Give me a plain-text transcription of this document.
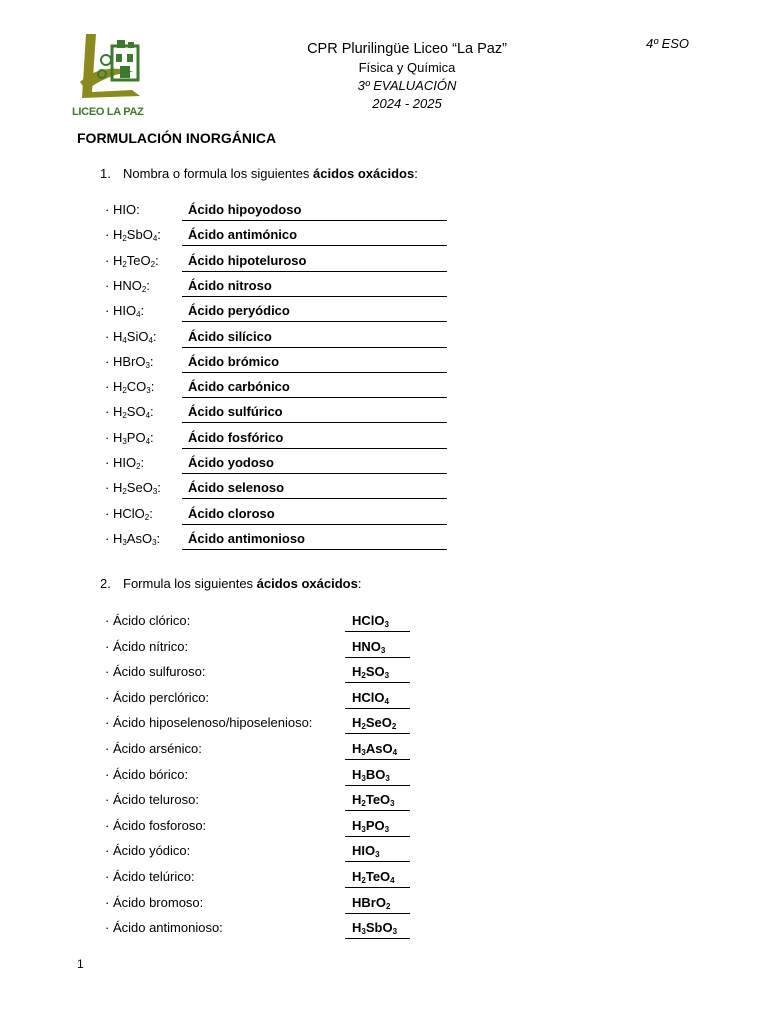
LICEO LA PAZ
CPR Plurilingüe Liceo “La Paz”
Física y Química
3º EVALUACIÓN
2024 - 2025
4º ESO
FORMULACIÓN INORGÁNICA
1. Nombra o formula los siguientes ácidos oxácidos:
· HIO:	Ácido hipoyodoso
· $H_2SbO_4$: Ácido antimónico
· $H_2TeO_2$: Ácido hipoteluroso
· $HNO_2$:	Ácido nitroso
· $HIO_4$:	Ácido peryódico
· $H_4SiO_4$: Ácido silícico
· HBrO$_3$:	Ácido brómico
· $H_2CO_3$:	Ácido carbónico
· $H_2SO_4$:	Ácido sulfúrico
· $H_3PO_4$:	Ácido fosfórico
· $HIO_2$:	Ácido yodoso
· $H_2SeO_3$: Ácido selenoso
· HClO$_2$:	Ácido cloroso
· $H_3AsO_3$: Ácido antimonioso
2. Formula los siguientes ácidos oxácidos:
· Ácido clórico:	HClO$_3$
· Ácido nítrico:	$HNO_3$
· Ácido sulfuroso:	$H_2SO_3$
· Ácido perclórico:	HClO$_4$
· Ácido hiposelenoso/hiposelenioso:	$H_2SeO_2$
· Ácido arsénico:	$H_3AsO_4$
· Ácido bórico:	$H_3BO_3$
· Ácido teluroso:	$H_2TeO_3$
· Ácido fosforoso:	$H_3PO_3$
· Ácido yódico:	$HIO_3$
· Ácido telúrico:	$H_2TeO_4$
· Ácido bromoso:	HBrO$_2$
· Ácido antimonioso:	$H_3SbO_3$
1
